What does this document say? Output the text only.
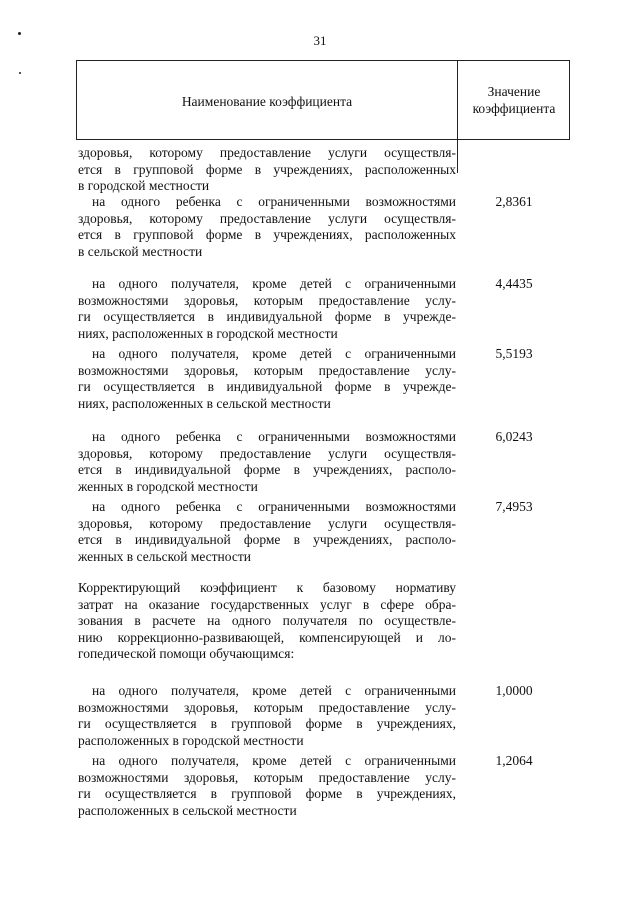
31
Наименование коэффициента
Значение
коэффициента
здоровья, которому предоставление услуги осуществля-
ется в групповой форме в учреждениях, расположенных
в городской местности
на одного ребенка с ограниченными возможностями
здоровья, которому предоставление услуги осуществля-
ется в групповой форме в учреждениях, расположенных
в сельской местности
2,8361
на одного получателя, кроме детей с ограниченными
возможностями здоровья, которым предоставление услу-
ги осуществляется в индивидуальной форме в учрежде-
ниях, расположенных в городской местности
4,4435
на одного получателя, кроме детей с ограниченными
возможностями здоровья, которым предоставление услу-
ги осуществляется в индивидуальной форме в учрежде-
ниях, расположенных в сельской местности
5,5193
на одного ребенка с ограниченными возможностями
здоровья, которому предоставление услуги осуществля-
ется в индивидуальной форме в учреждениях, располо-
женных в городской местности
6,0243
на одного ребенка с ограниченными возможностями
здоровья, которому предоставление услуги осуществля-
ется в индивидуальной форме в учреждениях, располо-
женных в сельской местности
7,4953
Корректирующий коэффициент к базовому нормативу
затрат на оказание государственных услуг в сфере обра-
зования в расчете на одного получателя по осуществле-
нию коррекционно-развивающей, компенсирующей и ло-
гопедической помощи обучающимся:
на одного получателя, кроме детей с ограниченными
возможностями здоровья, которым предоставление услу-
ги осуществляется в групповой форме в учреждениях,
расположенных в городской местности
1,0000
на одного получателя, кроме детей с ограниченными
возможностями здоровья, которым предоставление услу-
ги осуществляется в групповой форме в учреждениях,
расположенных в сельской местности
1,2064
